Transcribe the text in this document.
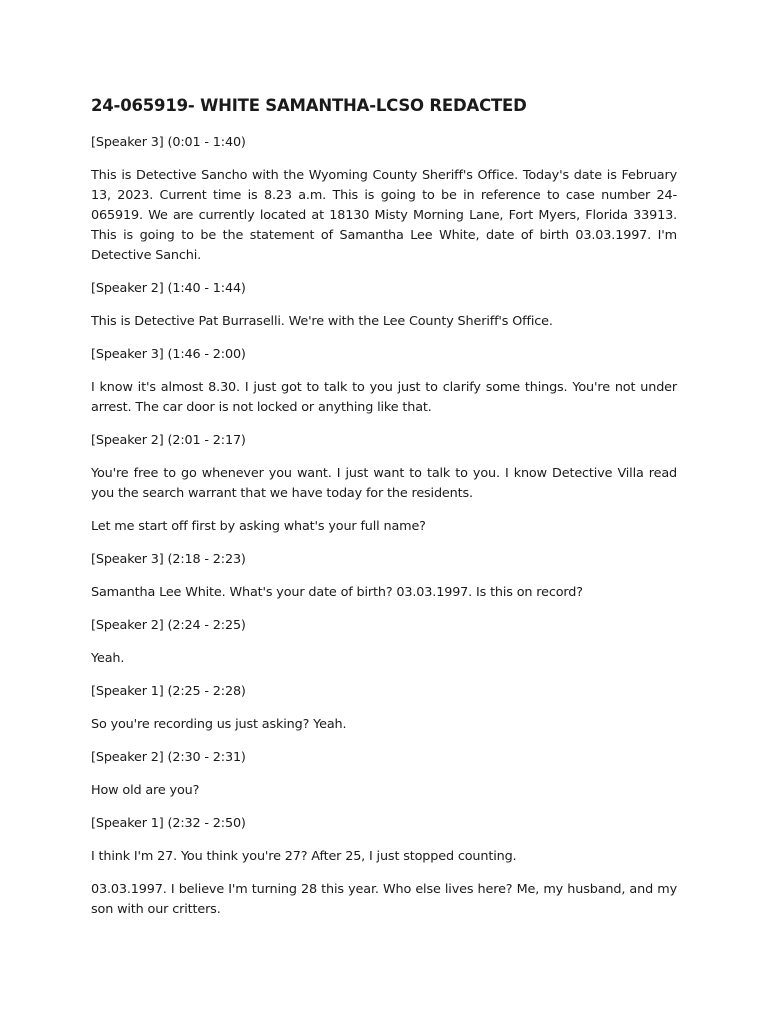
24-065919- WHITE SAMANTHA-LCSO REDACTED

[Speaker 3] (0:01 - 1:40)

This is Detective Sancho with the Wyoming County Sheriff's Office. Today's date is February 13, 2023. Current time is 8.23 a.m. This is going to be in reference to case number 24-065919. We are currently located at 18130 Misty Morning Lane, Fort Myers, Florida 33913. This is going to be the statement of Samantha Lee White, date of birth 03.03.1997. I'm Detective Sanchi.

[Speaker 2] (1:40 - 1:44)

This is Detective Pat Burraselli. We're with the Lee County Sheriff's Office.

[Speaker 3] (1:46 - 2:00)

I know it's almost 8.30. I just got to talk to you just to clarify some things. You're not under arrest. The car door is not locked or anything like that.

[Speaker 2] (2:01 - 2:17)

You're free to go whenever you want. I just want to talk to you. I know Detective Villa read you the search warrant that we have today for the residents.

Let me start off first by asking what's your full name?

[Speaker 3] (2:18 - 2:23)

Samantha Lee White. What's your date of birth? 03.03.1997. Is this on record?

[Speaker 2] (2:24 - 2:25)

Yeah.

[Speaker 1] (2:25 - 2:28)

So you're recording us just asking? Yeah.

[Speaker 2] (2:30 - 2:31)

How old are you?

[Speaker 1] (2:32 - 2:50)

I think I'm 27. You think you're 27? After 25, I just stopped counting.

03.03.1997. I believe I'm turning 28 this year. Who else lives here? Me, my husband, and my son with our critters.
